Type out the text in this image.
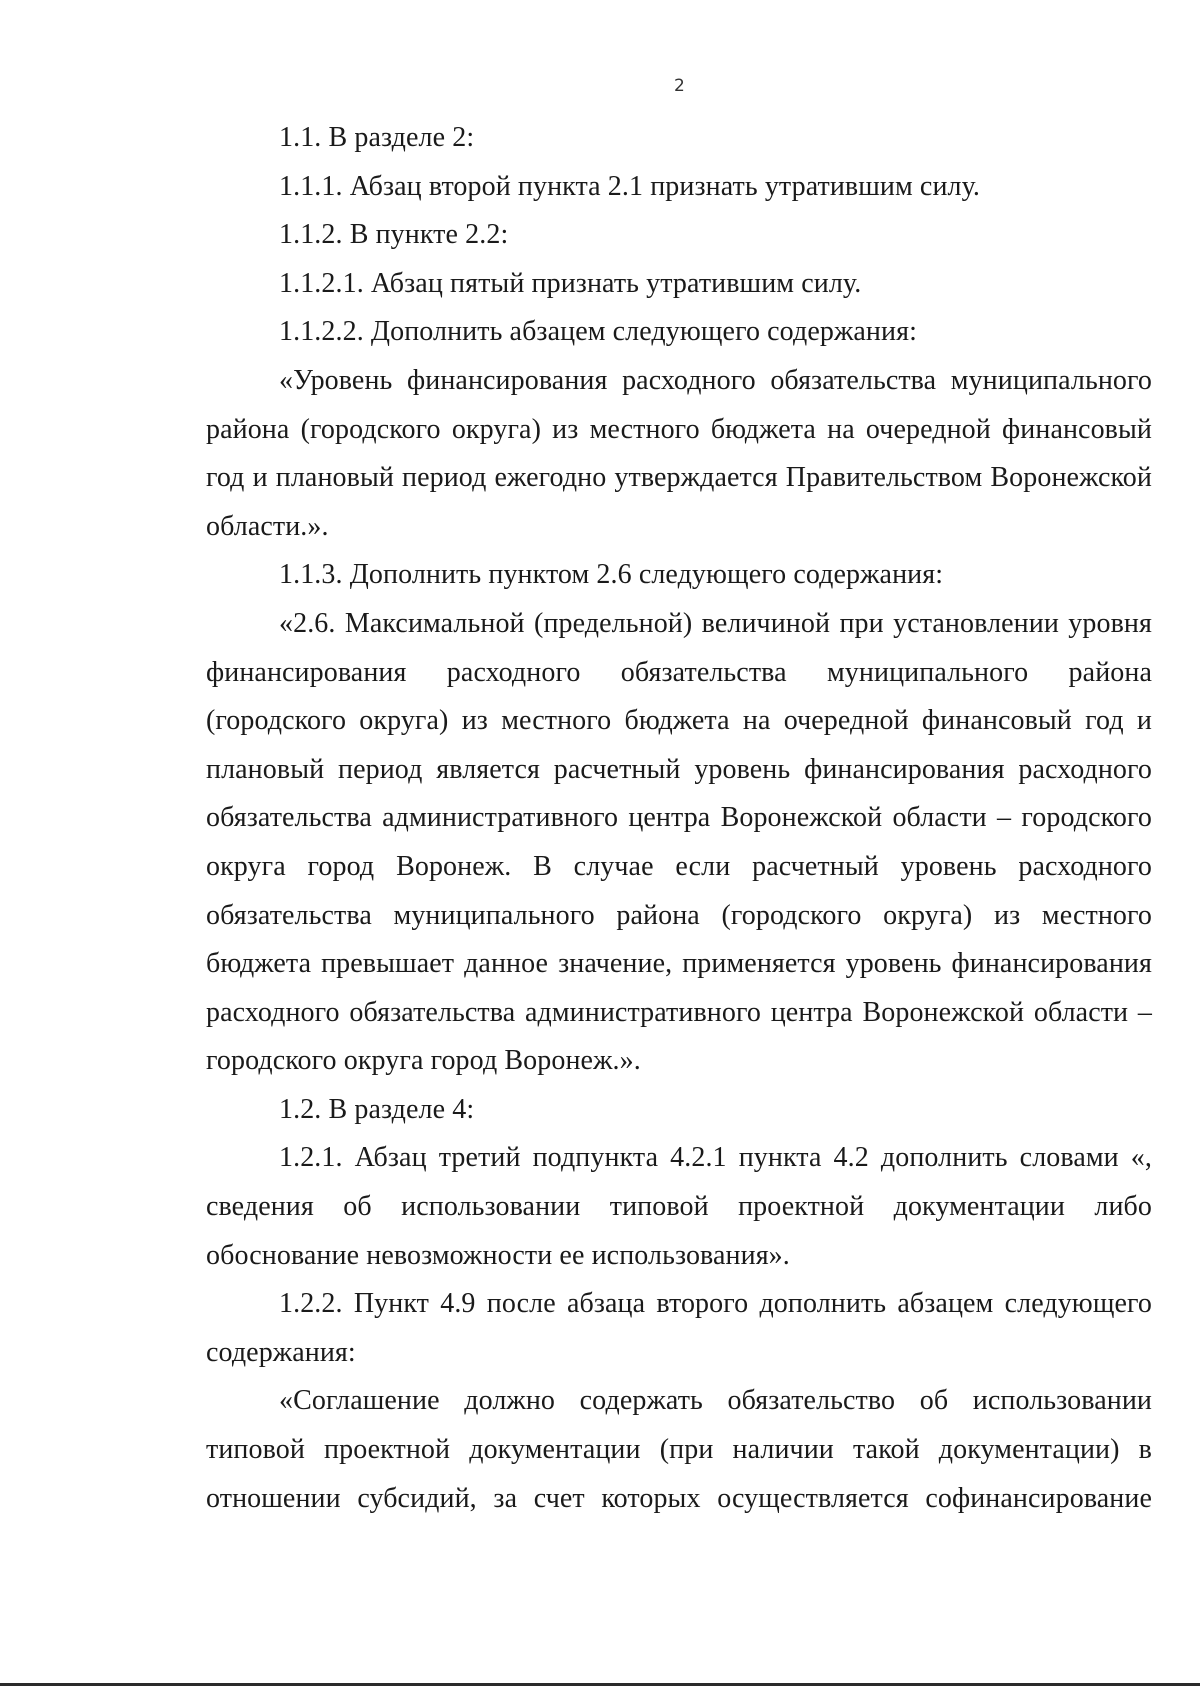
2

1.1. В разделе 2:

1.1.1. Абзац второй пункта 2.1 признать утратившим силу.

1.1.2. В пункте 2.2:

1.1.2.1. Абзац пятый признать утратившим силу.

1.1.2.2. Дополнить абзацем следующего содержания:

«Уровень финансирования расходного обязательства муниципального района (городского округа) из местного бюджета на очередной финансовый год и плановый период ежегодно утверждается Правительством Воронежской области.».

1.1.3. Дополнить пунктом 2.6 следующего содержания:

«2.6. Максимальной (предельной) величиной при установлении уровня финансирования расходного обязательства муниципального района (городского округа) из местного бюджета на очередной финансовый год и плановый период является расчетный уровень финансирования расходного обязательства административного центра Воронежской области – городского округа город Воронеж. В случае если расчетный уровень расходного обязательства муниципального района (городского округа) из местного бюджета превышает данное значение, применяется уровень финансирования расходного обязательства административного центра Воронежской области – городского округа город Воронеж.».

1.2. В разделе 4:

1.2.1. Абзац третий подпункта 4.2.1 пункта 4.2 дополнить словами «, сведения об использовании типовой проектной документации либо обоснование невозможности ее использования».

1.2.2. Пункт 4.9 после абзаца второго дополнить абзацем следующего содержания:

«Соглашение должно содержать обязательство об использовании типовой проектной документации (при наличии такой документации) в отношении субсидий, за счет которых осуществляется софинансирование
